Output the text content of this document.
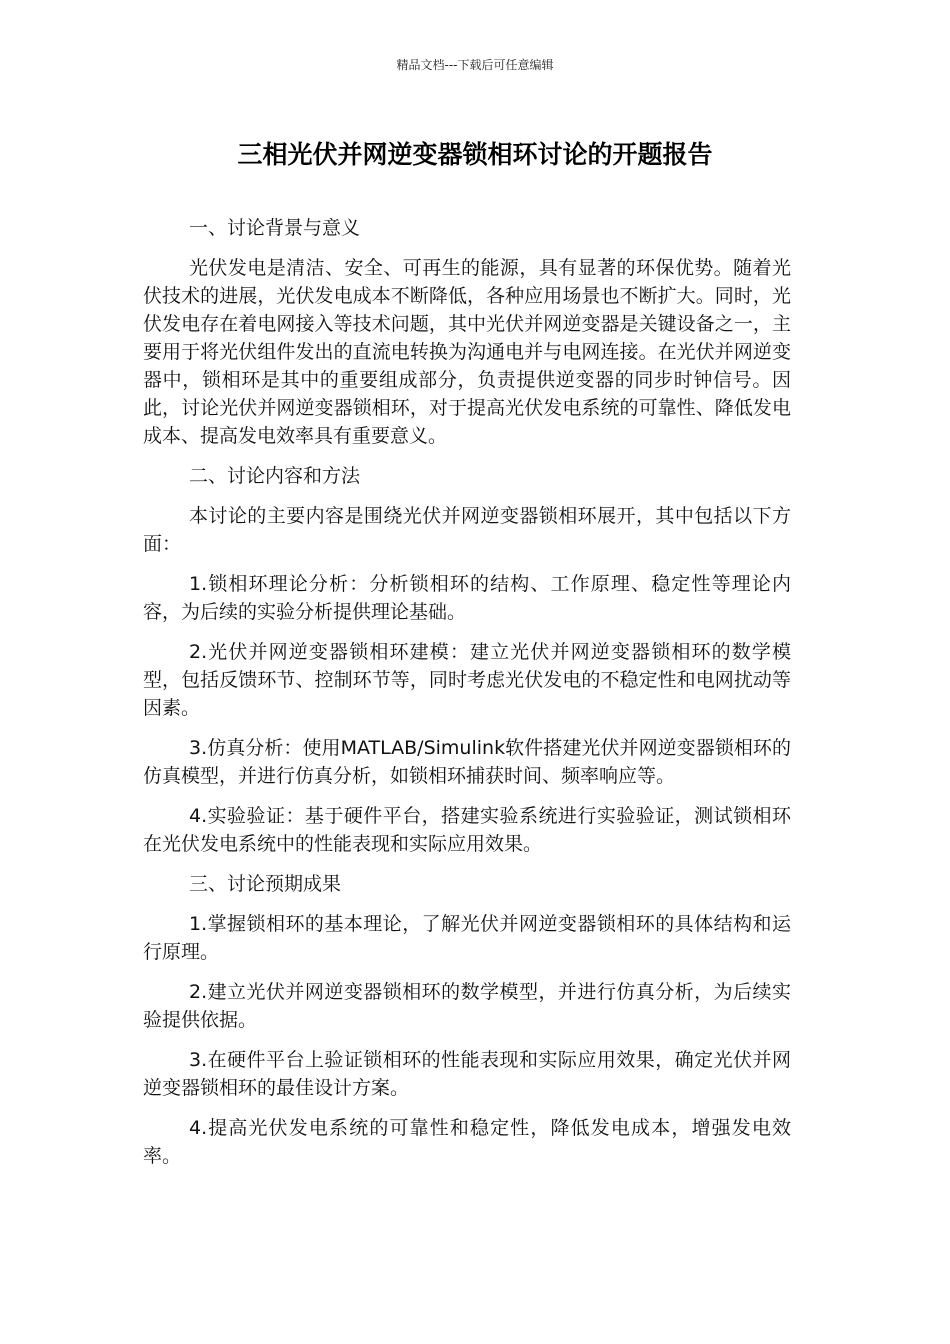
精品文档---下载后可任意编辑
三相光伏并网逆变器锁相环讨论的开题报告

一、讨论背景与意义

光伏发电是清洁、安全、可再生的能源，具有显著的环保优势。随着光伏技术的进展，光伏发电成本不断降低，各种应用场景也不断扩大。同时，光伏发电存在着电网接入等技术问题，其中光伏并网逆变器是关键设备之一，主要用于将光伏组件发出的直流电转换为沟通电并与电网连接。在光伏并网逆变器中，锁相环是其中的重要组成部分，负责提供逆变器的同步时钟信号。因此，讨论光伏并网逆变器锁相环，对于提高光伏发电系统的可靠性、降低发电成本、提高发电效率具有重要意义。

二、讨论内容和方法

本讨论的主要内容是围绕光伏并网逆变器锁相环展开，其中包括以下方面：

1.锁相环理论分析：分析锁相环的结构、工作原理、稳定性等理论内容，为后续的实验分析提供理论基础。

2.光伏并网逆变器锁相环建模：建立光伏并网逆变器锁相环的数学模型，包括反馈环节、控制环节等，同时考虑光伏发电的不稳定性和电网扰动等因素。

3.仿真分析：使用MATLAB/Simulink软件搭建光伏并网逆变器锁相环的仿真模型，并进行仿真分析，如锁相环捕获时间、频率响应等。

4.实验验证：基于硬件平台，搭建实验系统进行实验验证，测试锁相环在光伏发电系统中的性能表现和实际应用效果。

三、讨论预期成果

1.掌握锁相环的基本理论，了解光伏并网逆变器锁相环的具体结构和运行原理。

2.建立光伏并网逆变器锁相环的数学模型，并进行仿真分析，为后续实验提供依据。

3.在硬件平台上验证锁相环的性能表现和实际应用效果，确定光伏并网逆变器锁相环的最佳设计方案。

4.提高光伏发电系统的可靠性和稳定性，降低发电成本，增强发电效率。
